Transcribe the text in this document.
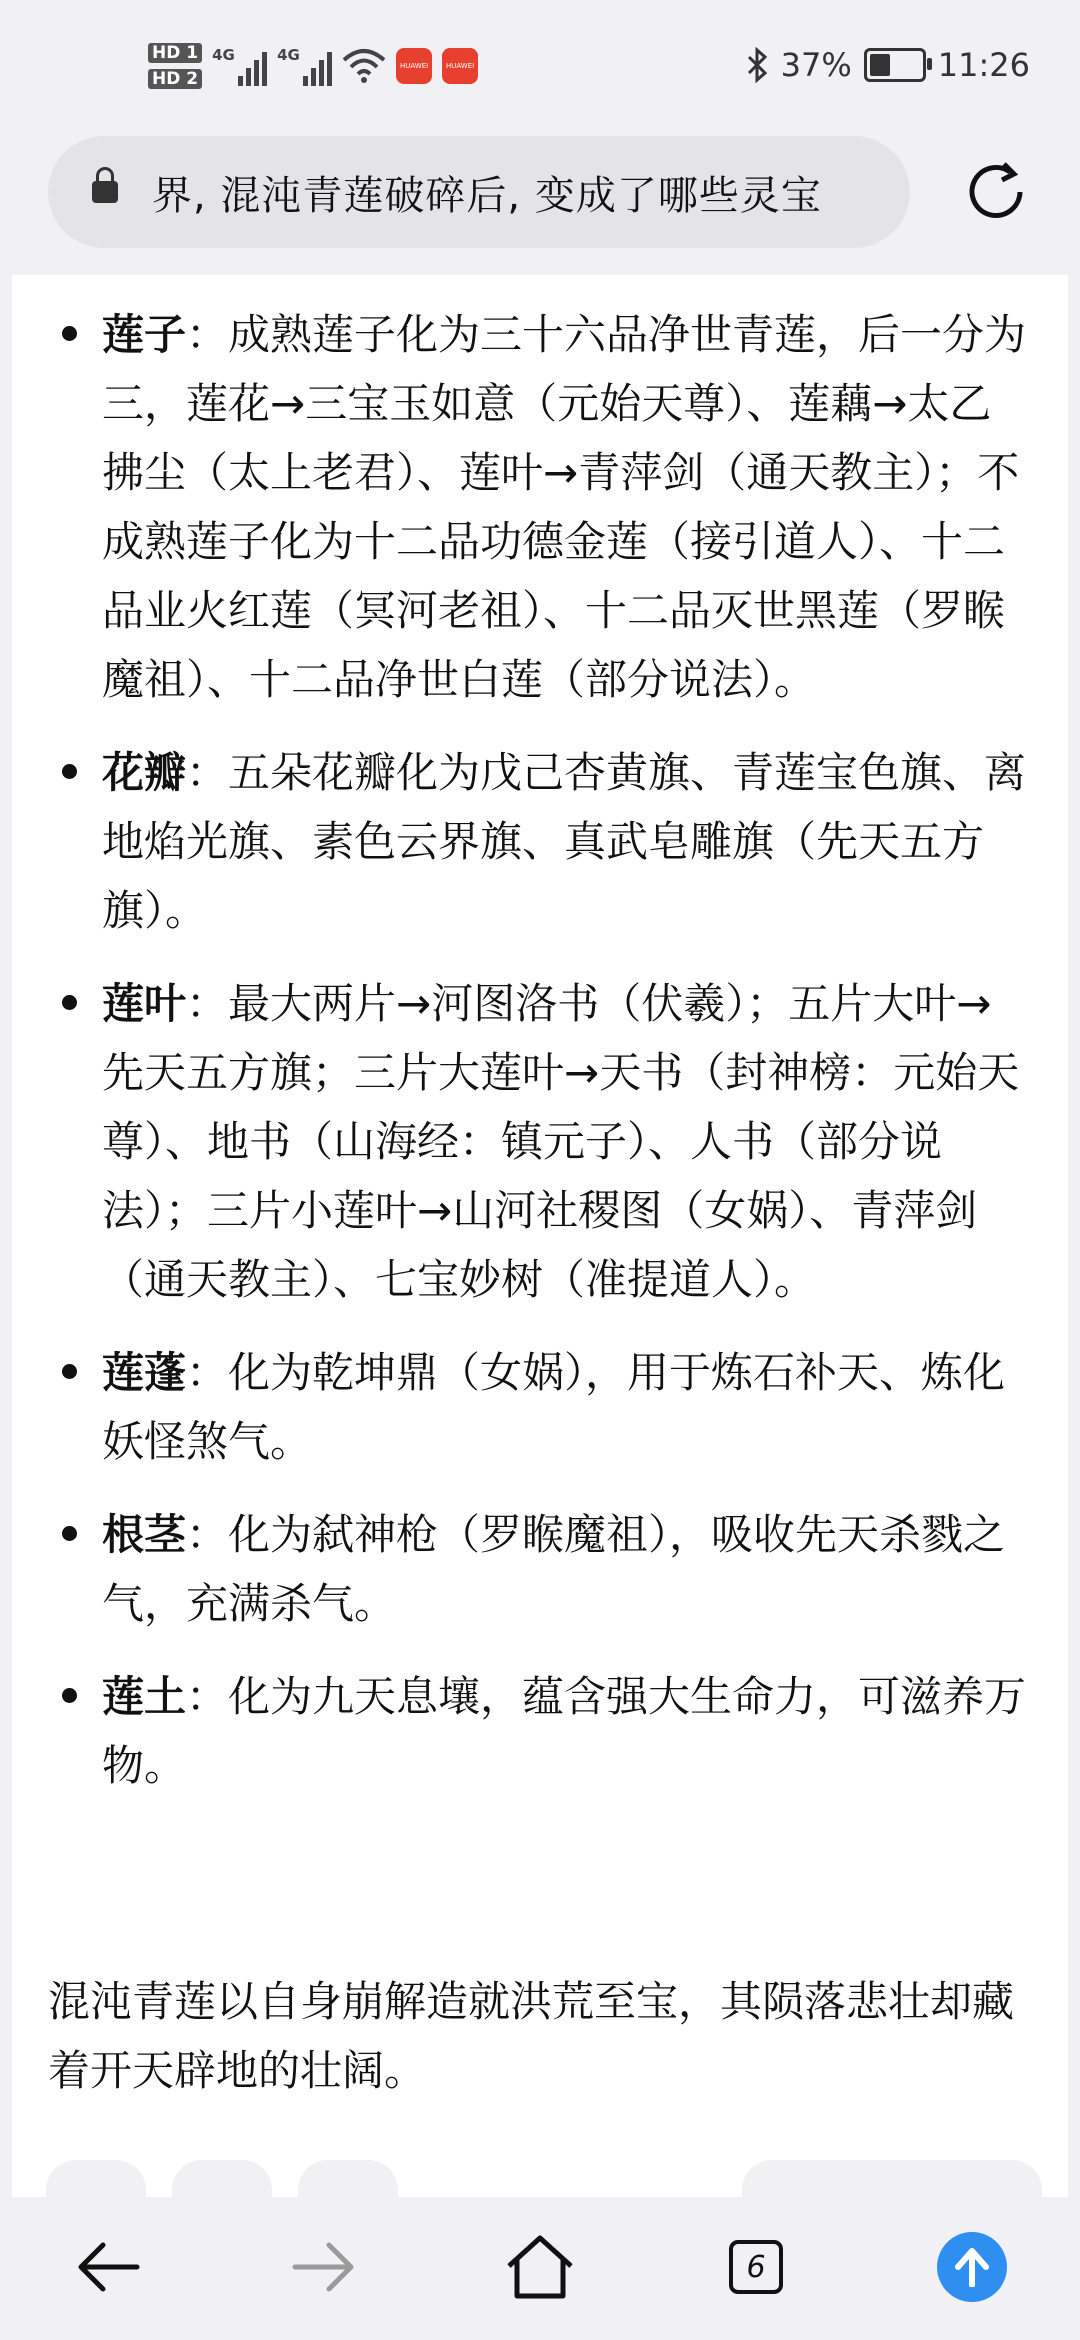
HD 1
HD 2
4G	4G
HUAWEI	HUAWEI	37%	11:26
界, 混沌青莲破碎后, 变成了哪些灵宝
莲子：成熟莲子化为三十六品净世青莲，后一分为三，莲花→三宝玉如意（元始天尊）、莲藕→太乙拂尘（太上老君）、莲叶→青萍剑（通天教主）；不成熟莲子化为十二品功德金莲（接引道人）、十二品业火红莲（冥河老祖）、十二品灭世黑莲（罗睺魔祖）、十二品净世白莲（部分说法）。
花瓣：五朵花瓣化为戊己杏黄旗、青莲宝色旗、离地焰光旗、素色云界旗、真武皂雕旗（先天五方旗）。
莲叶：最大两片→河图洛书（伏羲）；五片大叶→先天五方旗；三片大莲叶→天书（封神榜：元始天尊）、地书（山海经：镇元子）、人书（部分说法）；三片小莲叶→山河社稷图（女娲）、青萍剑（通天教主）、七宝妙树（准提道人）。
莲蓬：化为乾坤鼎（女娲），用于炼石补天、炼化妖怪煞气。
根茎：化为弑神枪（罗睺魔祖），吸收先天杀戮之气，充满杀气。
莲土：化为九天息壤，蕴含强大生命力，可滋养万物。
混沌青莲以自身崩解造就洪荒至宝，其陨落悲壮却藏着开天辟地的壮阔。
6
